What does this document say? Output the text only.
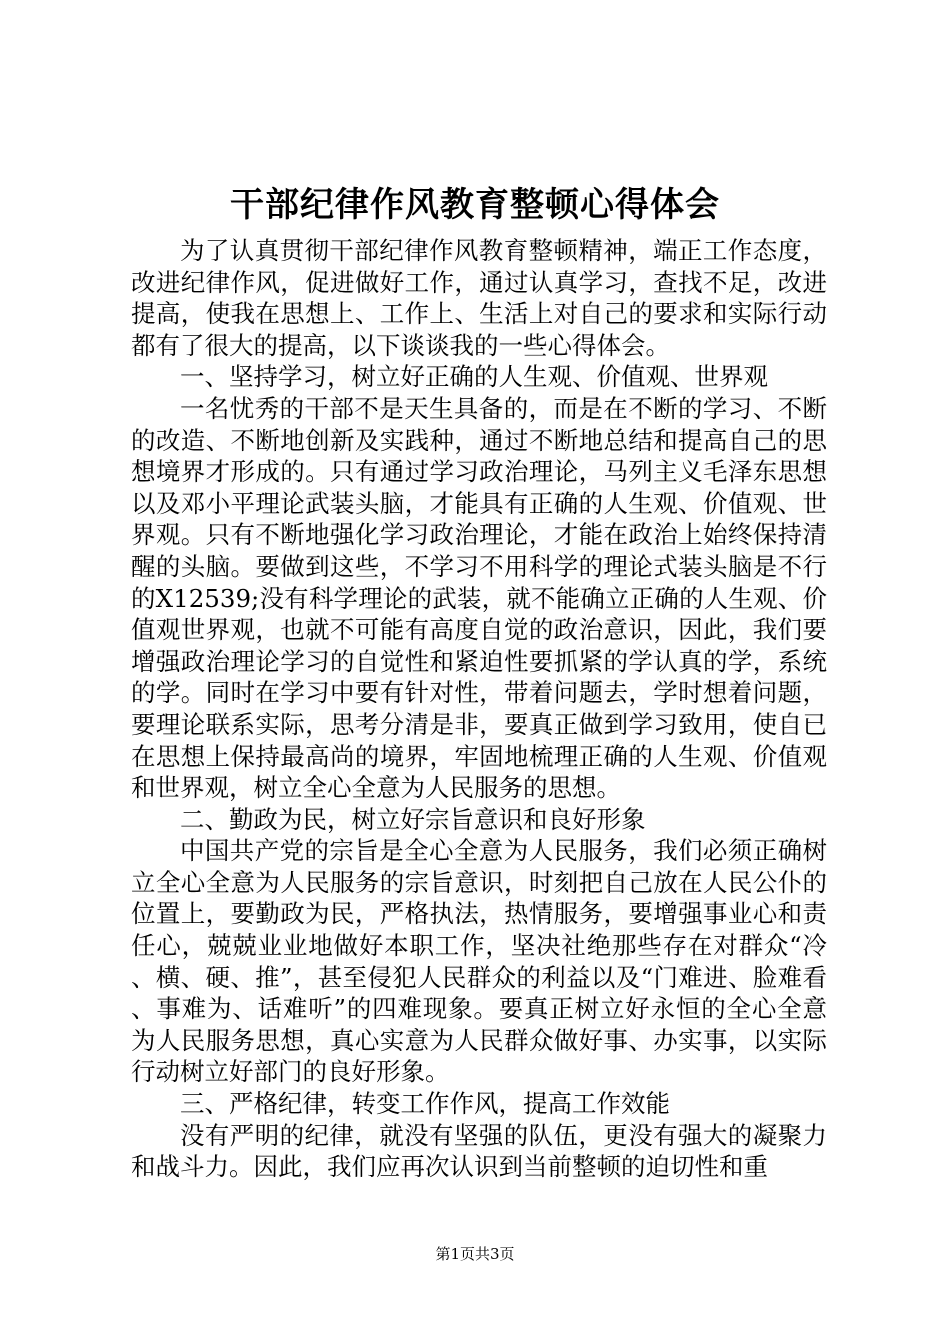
干部纪律作风教育整顿心得体会

为了认真贯彻干部纪律作风教育整顿精神，端正工作态度，改进纪律作风，促进做好工作，通过认真学习，查找不足，改进提高，使我在思想上、工作上、生活上对自己的要求和实际行动都有了很大的提高，以下谈谈我的一些心得体会。

一、坚持学习，树立好正确的人生观、价值观、世界观

一名忧秀的干部不是天生具备的，而是在不断的学习、不断的改造、不断地创新及实践种，通过不断地总结和提高自己的思想境界才形成的。只有通过学习政治理论，马列主义毛泽东思想以及邓小平理论武装头脑，才能具有正确的人生观、价值观、世界观。只有不断地强化学习政治理论，才能在政治上始终保持清醒的头脑。要做到这些，不学习不用科学的理论式装头脑是不行的X12539;没有科学理论的武装，就不能确立正确的人生观、价值观世界观，也就不可能有高度自觉的政治意识，因此，我们要增强政治理论学习的自觉性和紧迫性要抓紧的学认真的学，系统的学。同时在学习中要有针对性，带着问题去，学时想着问题，要理论联系实际，思考分清是非，要真正做到学习致用，使自已在思想上保持最高尚的境界，牢固地梳理正确的人生观、价值观和世界观，树立全心全意为人民服务的思想。

二、勤政为民，树立好宗旨意识和良好形象

中国共产党的宗旨是全心全意为人民服务，我们必须正确树立全心全意为人民服务的宗旨意识，时刻把自己放在人民公仆的位置上，要勤政为民，严格执法，热情服务，要增强事业心和责任心，兢兢业业地做好本职工作，坚决社绝那些存在对群众“冷、横、硬、推”，甚至侵犯人民群众的利益以及“门难进、脸难看、事难为、话难听”的四难现象。要真正树立好永恒的全心全意为人民服务思想，真心实意为人民群众做好事、办实事，以实际行动树立好部门的良好形象。

三、严格纪律，转变工作作风，提高工作效能

没有严明的纪律，就没有坚强的队伍，更没有强大的凝聚力和战斗力。因此，我们应再次认识到当前整顿的迫切性和重

第1页共3页
